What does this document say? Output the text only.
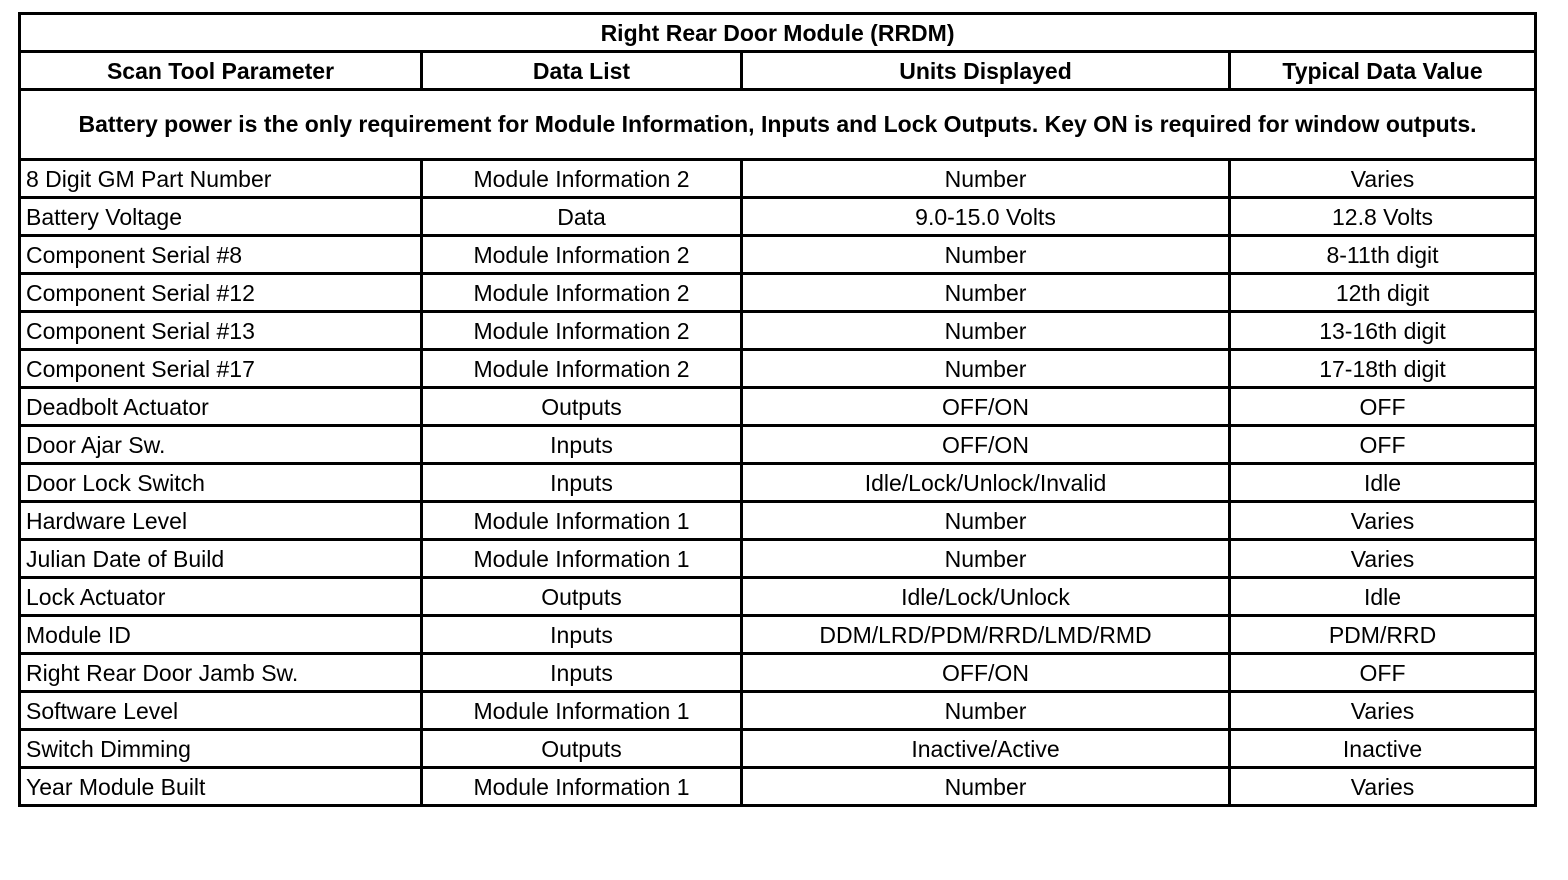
Right Rear Door Module (RRDM)			
Scan Tool Parameter	Data List	Units Displayed	Typical Data Value
Battery power is the only requirement for Module Information, Inputs and Lock Outputs. Key ON is required for window outputs.			
8 Digit GM Part Number	Module Information 2	Number	Varies
Battery Voltage	Data	9.0-15.0 Volts	12.8 Volts
Component Serial #8	Module Information 2	Number	8-11th digit
Component Serial #12	Module Information 2	Number	12th digit
Component Serial #13	Module Information 2	Number	13-16th digit
Component Serial #17	Module Information 2	Number	17-18th digit
Deadbolt Actuator	Outputs	OFF/ON	OFF
Door Ajar Sw.	Inputs	OFF/ON	OFF
Door Lock Switch	Inputs	Idle/Lock/Unlock/Invalid	Idle
Hardware Level	Module Information 1	Number	Varies
Julian Date of Build	Module Information 1	Number	Varies
Lock Actuator	Outputs	Idle/Lock/Unlock	Idle
Module ID	Inputs	DDM/LRD/PDM/RRD/LMD/RMD	PDM/RRD
Right Rear Door Jamb Sw.	Inputs	OFF/ON	OFF
Software Level	Module Information 1	Number	Varies
Switch Dimming	Outputs	Inactive/Active	Inactive
Year Module Built	Module Information 1	Number	Varies
